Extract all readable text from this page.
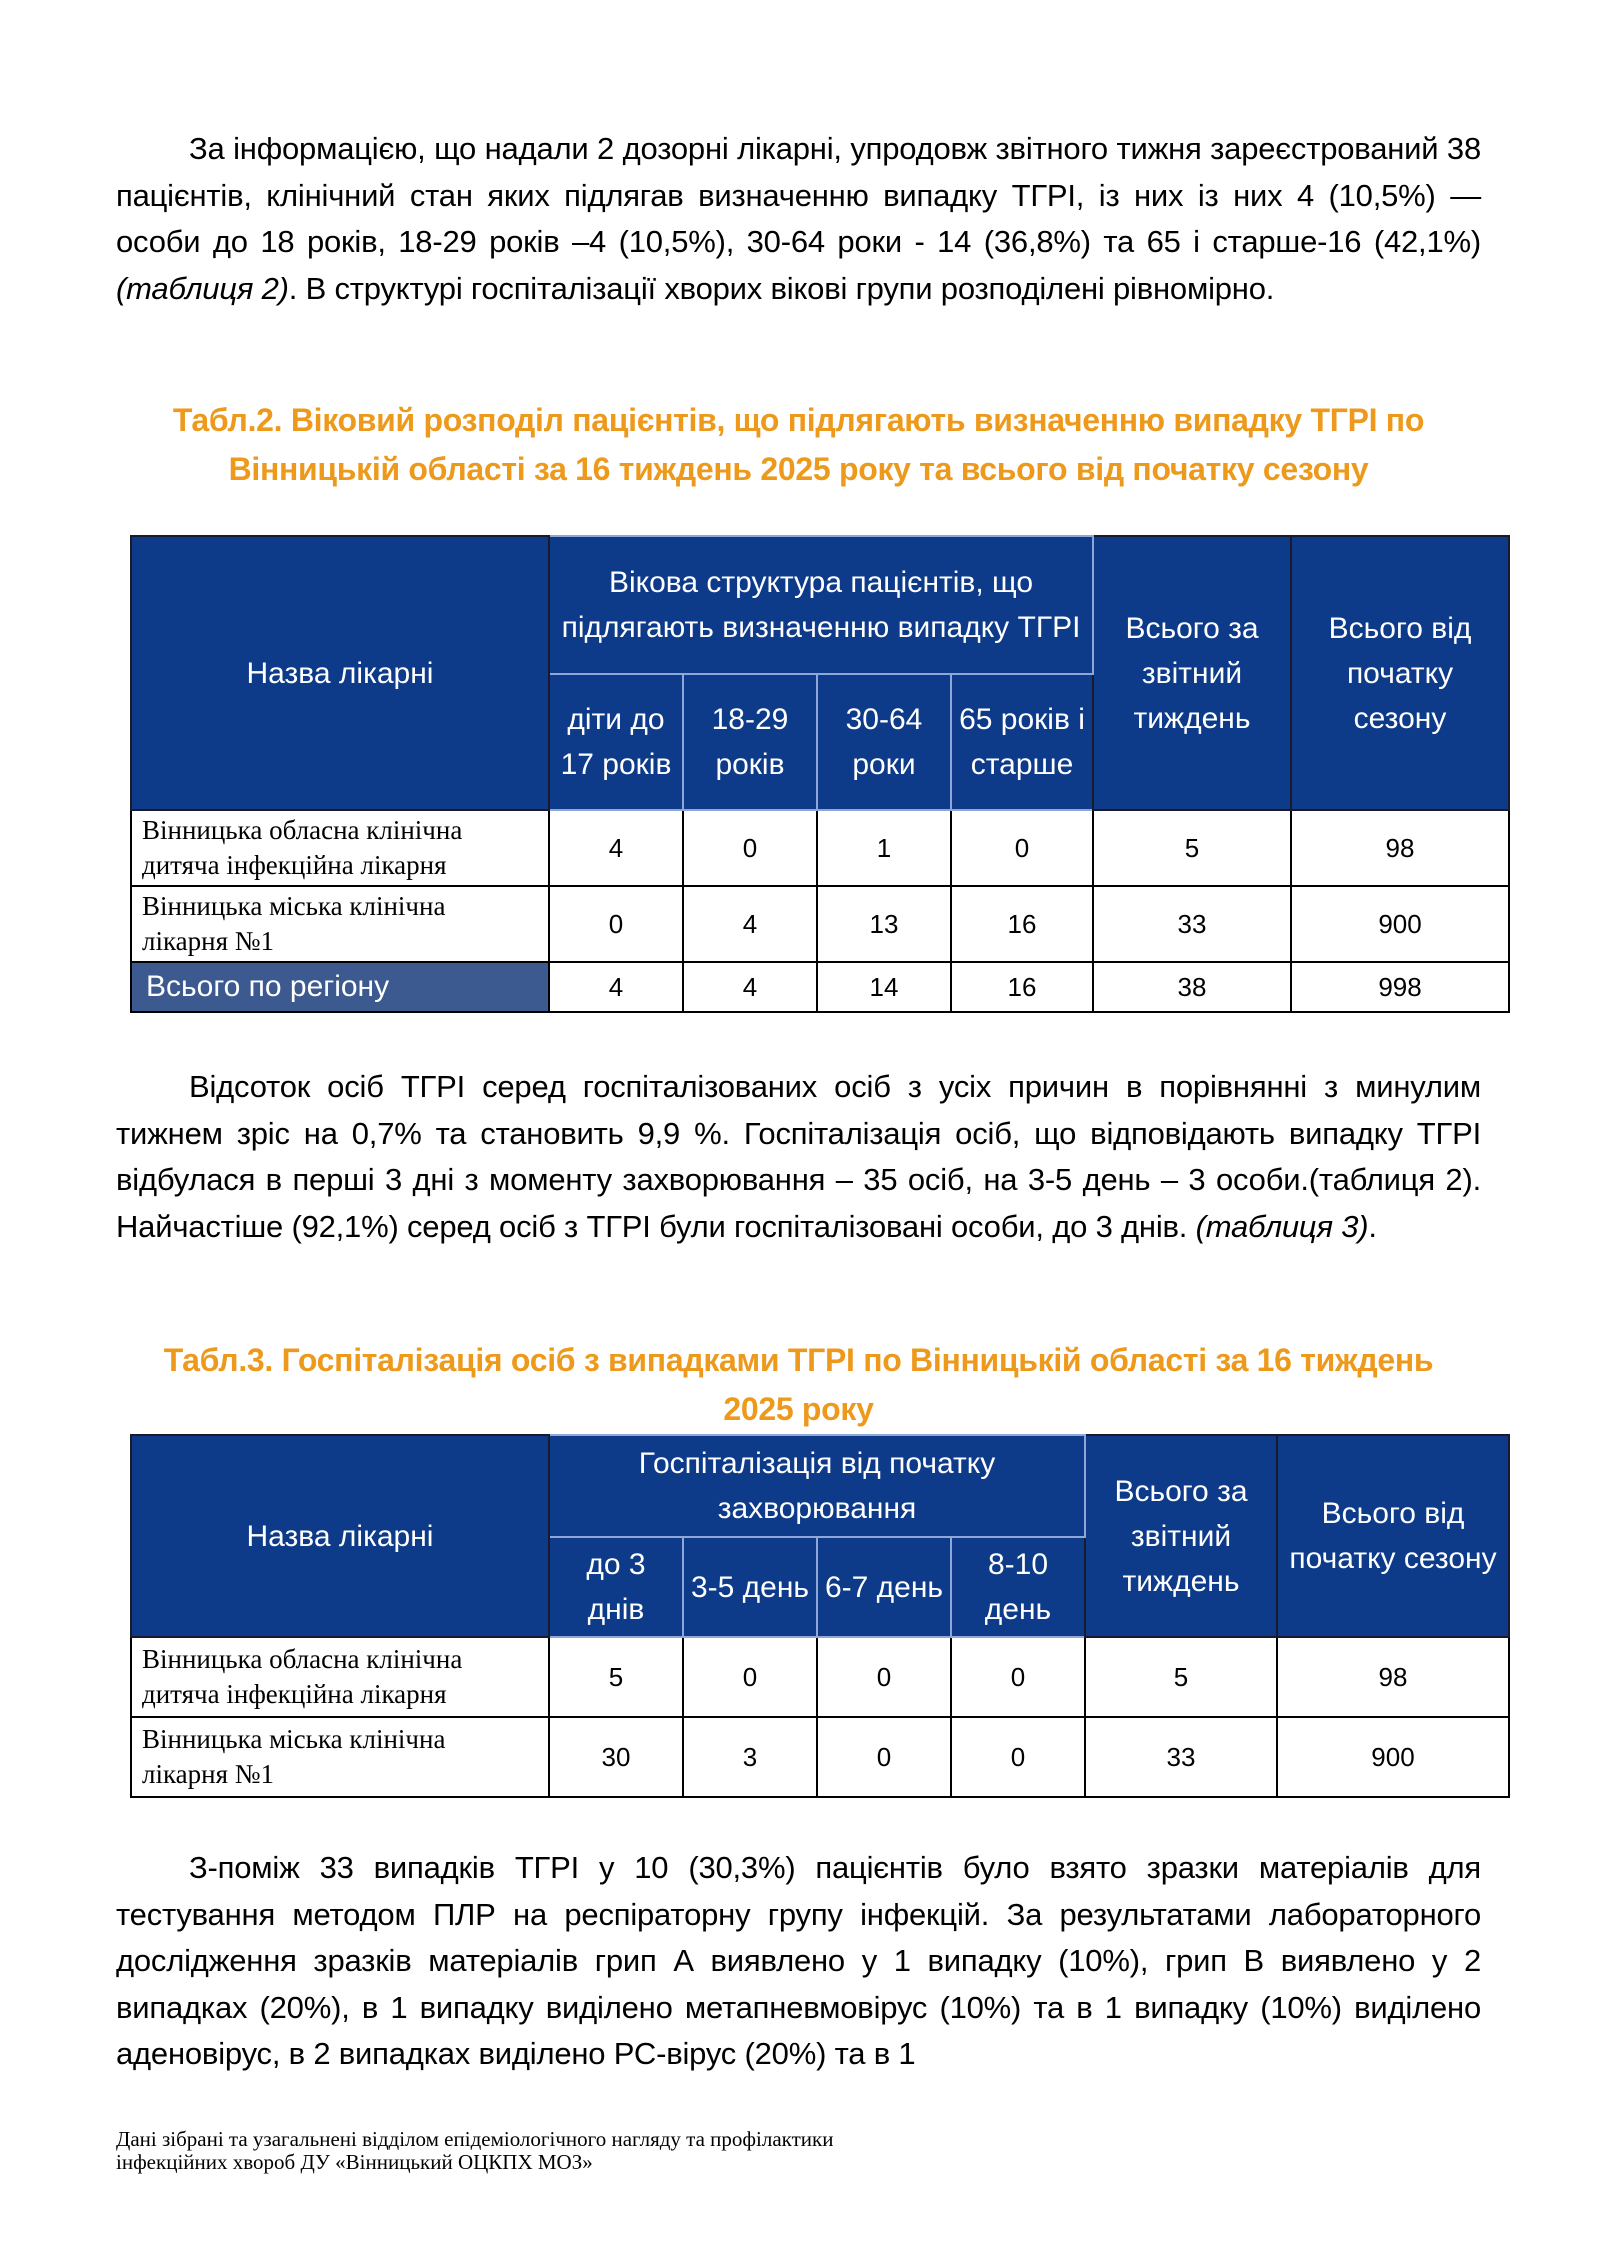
За інформацією, що надали 2 дозорні лікарні, упродовж звітного тижня зареєстрований 38 пацієнтів, клінічний стан яких підлягав визначенню випадку ТГРІ, із них із них 4 (10,5%) — особи до 18 років, 18-29 років –4 (10,5%), 30-64 роки - 14 (36,8%) та 65 і старше-16 (42,1%) (таблиця 2). В структурі госпіталізації хворих вікові групи розподілені рівномірно.
Табл.2. Віковий розподіл пацієнтів, що підлягають визначенню випадку ТГРІ по
Вінницькій області за 16 тиждень 2025 року та всього від початку сезону
Назва лікарні	Вікова структура пацієнтів, що підлягають визначенню випадку ТГРІ				Всього за звітний тиждень	Всього від початку сезону
	діти до 17 років	18-29 років	30-64 роки	65 років і старше		
Вінницька обласна клінічна дитяча інфекційна лікарня	4	0	1	0	5	98
Вінницька міська клінічна лікарня №1	0	4	13	16	33	900
Всього по регіону	4	4	14	16	38	998
Відсоток осіб ТГРІ серед госпіталізованих осіб з усіх причин в порівнянні з минулим тижнем зріс на 0,7% та становить 9,9 %. Госпіталізація осіб, що відповідають випадку ТГРІ відбулася в перші 3 дні з моменту захворювання – 35 осіб, на 3-5 день – 3 особи.(таблиця 2). Найчастіше (92,1%) серед осіб з ТГРІ були госпіталізовані особи, до 3 днів. (таблиця 3).
Табл.3. Госпіталізація осіб з випадками ТГРІ по Вінницькій області за 16 тиждень
2025 року
Назва лікарні	Госпіталізація від початку захворювання				Всього за звітний тиждень	Всього від початку сезону
	до 3 днів	3-5 день	6-7 день	8-10 день		
Вінницька обласна клінічна дитяча інфекційна лікарня	5	0	0	0	5	98
Вінницька міська клінічна лікарня №1	30	3	0	0	33	900
З-поміж 33 випадків ТГРІ у 10 (30,3%) пацієнтів було взято зразки матеріалів для тестування методом ПЛР на респіраторну групу інфекцій. За результатами лабораторного дослідження зразків матеріалів грип А виявлено у 1 випадку (10%), грип В виявлено у 2 випадках (20%), в 1 випадку виділено метапневмовірус (10%) та в 1 випадку (10%) виділено аденовірус, в 2 випадках виділено РС-вірус (20%) та в 1
Дані зібрані та узагальнені відділом епідеміологічного нагляду та профілактики
інфекційних хвороб ДУ «Вінницький ОЦКПХ МОЗ»
